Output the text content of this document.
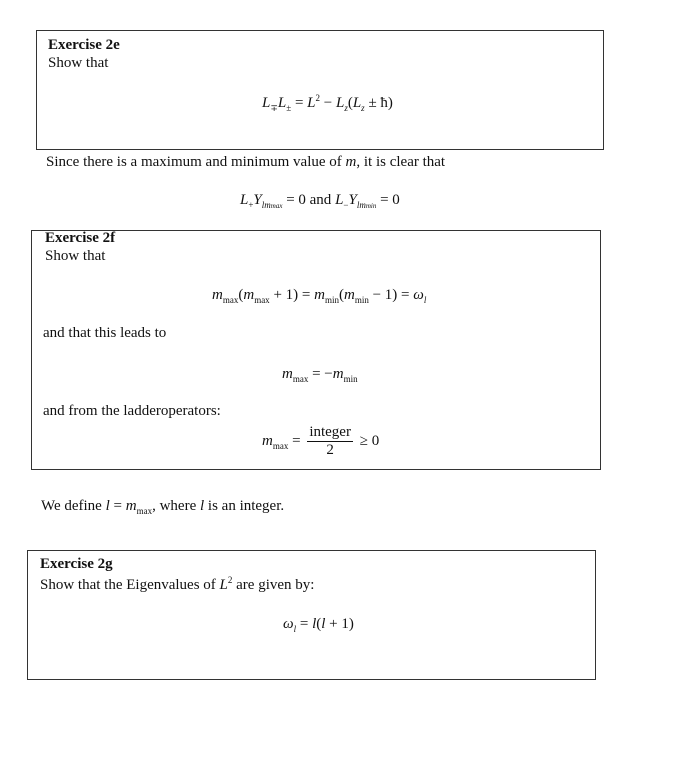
Exercise 2e
Show that
$L_\mp L_\pm = L^2 - L_z(L_z$ ± ħ)
Since there is a maximum and minimum value of m, it is clear that
$L_+Y_{lmmax} = 0$ and $L_-Y_{lmmin} = 0$
Exercise 2f
Show that
$m_{max}(m_{max} + 1) = m_{min}(m_{min} - 1) = \omega_l$
and that this leads to
$m_{max} = -m_{min}$
and from the ladderoperators:
$m_{max} = \frac{\text{integer}}{2} \ge 0$
We define $l = m_{max}$, where l is an integer.
Exercise 2g
Show that the Eigenvalues of $L^2$ are given by:
$\omega_l = l(l + 1)$
